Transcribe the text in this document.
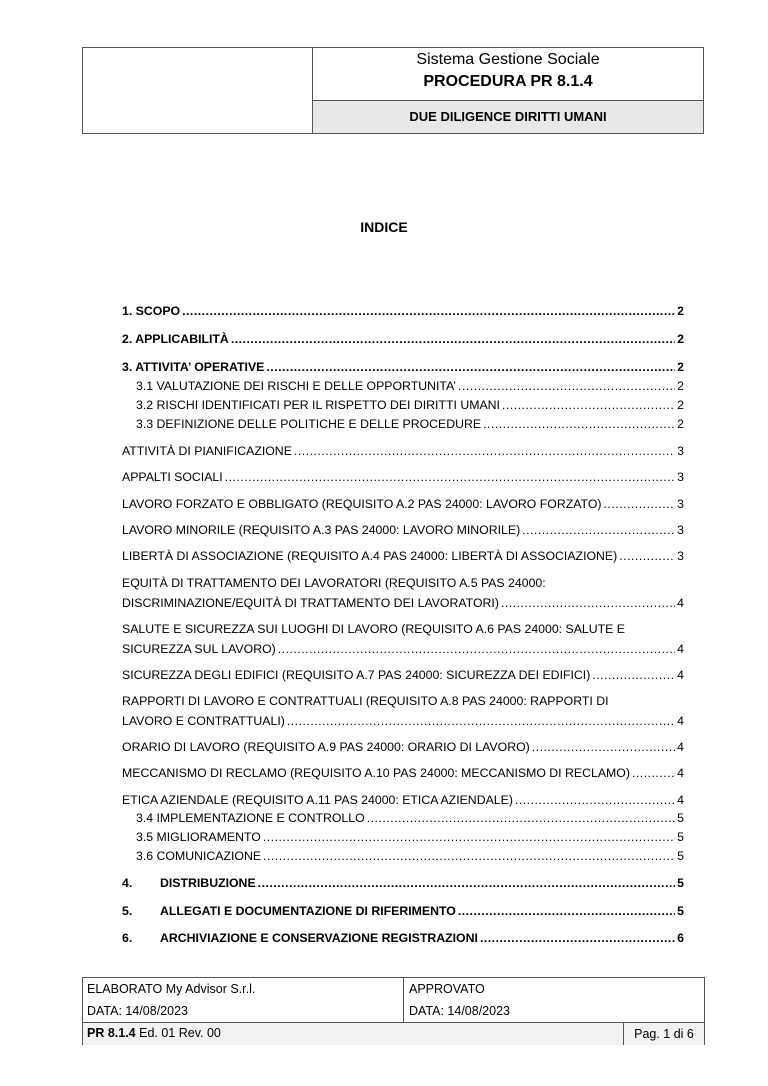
Sistema Gestione Sociale
PROCEDURA PR 8.1.4
DUE DILIGENCE DIRITTI UMANI
INDICE
1. SCOPO .....	2
2. APPLICABILITÀ .....	2
3. ATTIVITA’ OPERATIVE .....	2
3.1 VALUTAZIONE DEI RISCHI E DELLE OPPORTUNITA’ .....	2
3.2 RISCHI IDENTIFICATI PER IL RISPETTO DEI DIRITTI UMANI .....	2
3.3 DEFINIZIONE DELLE POLITICHE E DELLE PROCEDURE .....	2
ATTIVITÀ DI PIANIFICAZIONE .....	3
APPALTI SOCIALI .....	3
LAVORO FORZATO E OBBLIGATO (REQUISITO A.2 PAS 24000: LAVORO FORZATO) .....	3
LAVORO MINORILE (REQUISITO A.3 PAS 24000: LAVORO MINORILE) .....	3
LIBERTÀ DI ASSOCIAZIONE (REQUISITO A.4 PAS 24000: LIBERTÀ DI ASSOCIAZIONE) .....	3
EQUITÀ DI TRATTAMENTO DEI LAVORATORI (REQUISITO A.5 PAS 24000:
DISCRIMINAZIONE/EQUITÀ DI TRATTAMENTO DEI LAVORATORI) .....	4
SALUTE E SICUREZZA SUI LUOGHI DI LAVORO (REQUISITO A.6 PAS 24000: SALUTE E
SICUREZZA SUL LAVORO) .....	4
SICUREZZA DEGLI EDIFICI (REQUISITO A.7 PAS 24000: SICUREZZA DEI EDIFICI) .....	4
RAPPORTI DI LAVORO E CONTRATTUALI (REQUISITO A.8 PAS 24000: RAPPORTI DI
LAVORO E CONTRATTUALI) .....	4
ORARIO DI LAVORO (REQUISITO A.9 PAS 24000: ORARIO DI LAVORO) .....	4
MECCANISMO DI RECLAMO (REQUISITO A.10 PAS 24000: MECCANISMO DI RECLAMO) .....	4
ETICA AZIENDALE (REQUISITO A.11 PAS 24000: ETICA AZIENDALE) .....	4
3.4 IMPLEMENTAZIONE E CONTROLLO .....	5
3.5 MIGLIORAMENTO .....	5
3.6 COMUNICAZIONE .....	5
4. DISTRIBUZIONE .....	5
5. ALLEGATI E DOCUMENTAZIONE DI RIFERIMENTO .....	5
6. ARCHIVIAZIONE E CONSERVAZIONE REGISTRAZIONI .....	6
ELABORATO My Advisor S.r.l.
DATA: 14/08/2023
APPROVATO
DATA: 14/08/2023
PR 8.1.4 Ed. 01 Rev. 00	Pag. 1 di 6
